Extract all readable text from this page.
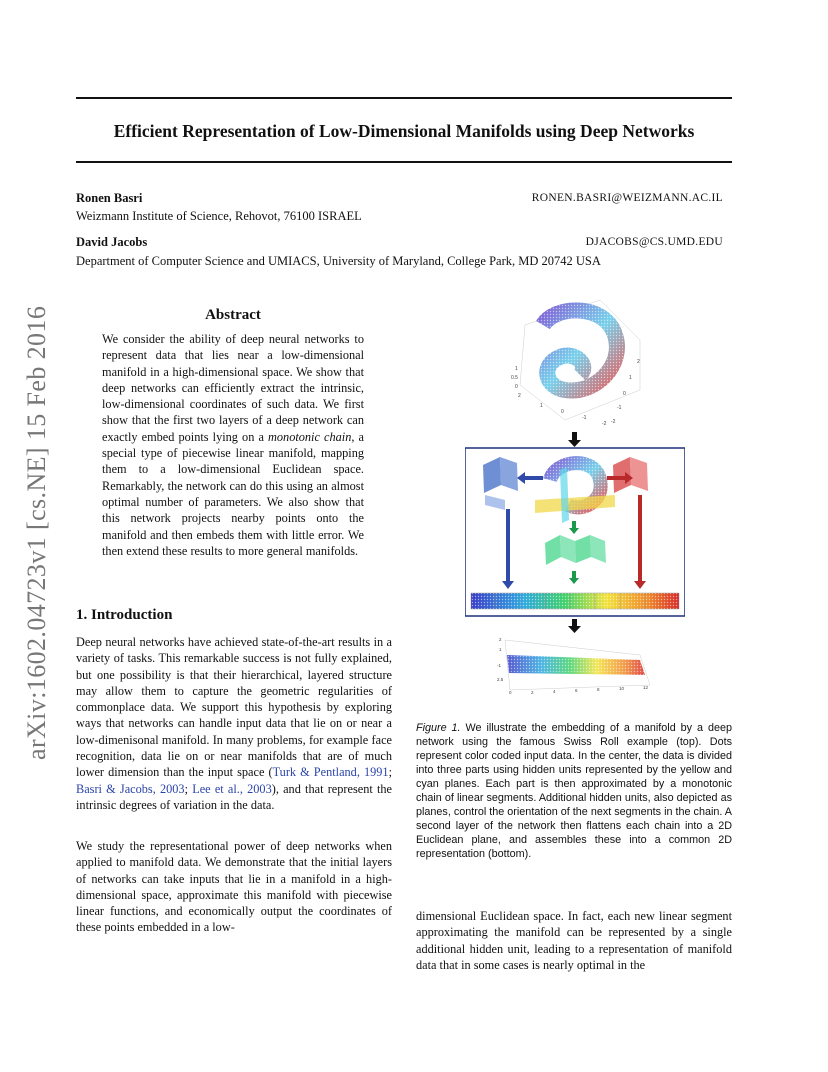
Efficient Representation of Low-Dimensional Manifolds using Deep Networks
Ronen Basri	RONEN.BASRI@WEIZMANN.AC.IL
Weizmann Institute of Science, Rehovot, 76100 ISRAEL
David Jacobs	DJACOBS@CS.UMD.EDU
Department of Computer Science and UMIACS, University of Maryland, College Park, MD 20742 USA
arXiv:1602.04723v1 [cs.NE] 15 Feb 2016	Abstract
We consider the ability of deep neural networks to represent data that lies near a low-dimensional manifold in a high-dimensional space. We show that deep networks can efficiently extract the intrinsic, low-dimensional coordinates of such data. We first show that the first two layers of a deep network can exactly embed points lying on a monotonic chain, a special type of piecewise linear manifold, mapping them to a low-dimensional Euclidean space. Remarkably, the network can do this using an almost optimal number of parameters. We also show that this network projects nearby points onto the manifold and then embeds them with little error. We then extend these results to more general manifolds.
1. Introduction
Deep neural networks have achieved state-of-the-art results in a variety of tasks. This remarkable success is not fully explained, but one possibility is that their hierarchical, layered structure may allow them to capture the geometric regularities of commonplace data. We support this hypothesis by exploring ways that networks can handle input data that lie on or near a low-dimenisonal manifold. In many problems, for example face recognition, data lie on or near manifolds that are of much lower dimension than the input space (Turk & Pentland, 1991; Basri & Jacobs, 2003; Lee et al., 2003), and that represent the intrinsic degrees of variation in the data.
We study the representational power of deep networks when applied to manifold data. We demonstrate that the initial layers of networks can take inputs that lie in a manifold in a high-dimensional space, approximate this manifold with piecewise linear functions, and economically output the coordinates of these points embedded in a low-
1
0.5
0
2
2
1
0
-1
-2
1
0
-1
-2
0	2	4	6	8	10	12
2
1
-1
2.5
Figure 1. We illustrate the embedding of a manifold by a deep network using the famous Swiss Roll example (top). Dots represent color coded input data. In the center, the data is divided into three parts using hidden units represented by the yellow and cyan planes. Each part is then approximated by a monotonic chain of linear segments. Additional hidden units, also depicted as planes, control the orientation of the next segments in the chain. A second layer of the network then flattens each chain into a 2D Euclidean plane, and assembles these into a common 2D representation (bottom).
dimensional Euclidean space. In fact, each new linear segment approximating the manifold can be represented by a single additional hidden unit, leading to a representation of manifold data that in some cases is nearly optimal in the
